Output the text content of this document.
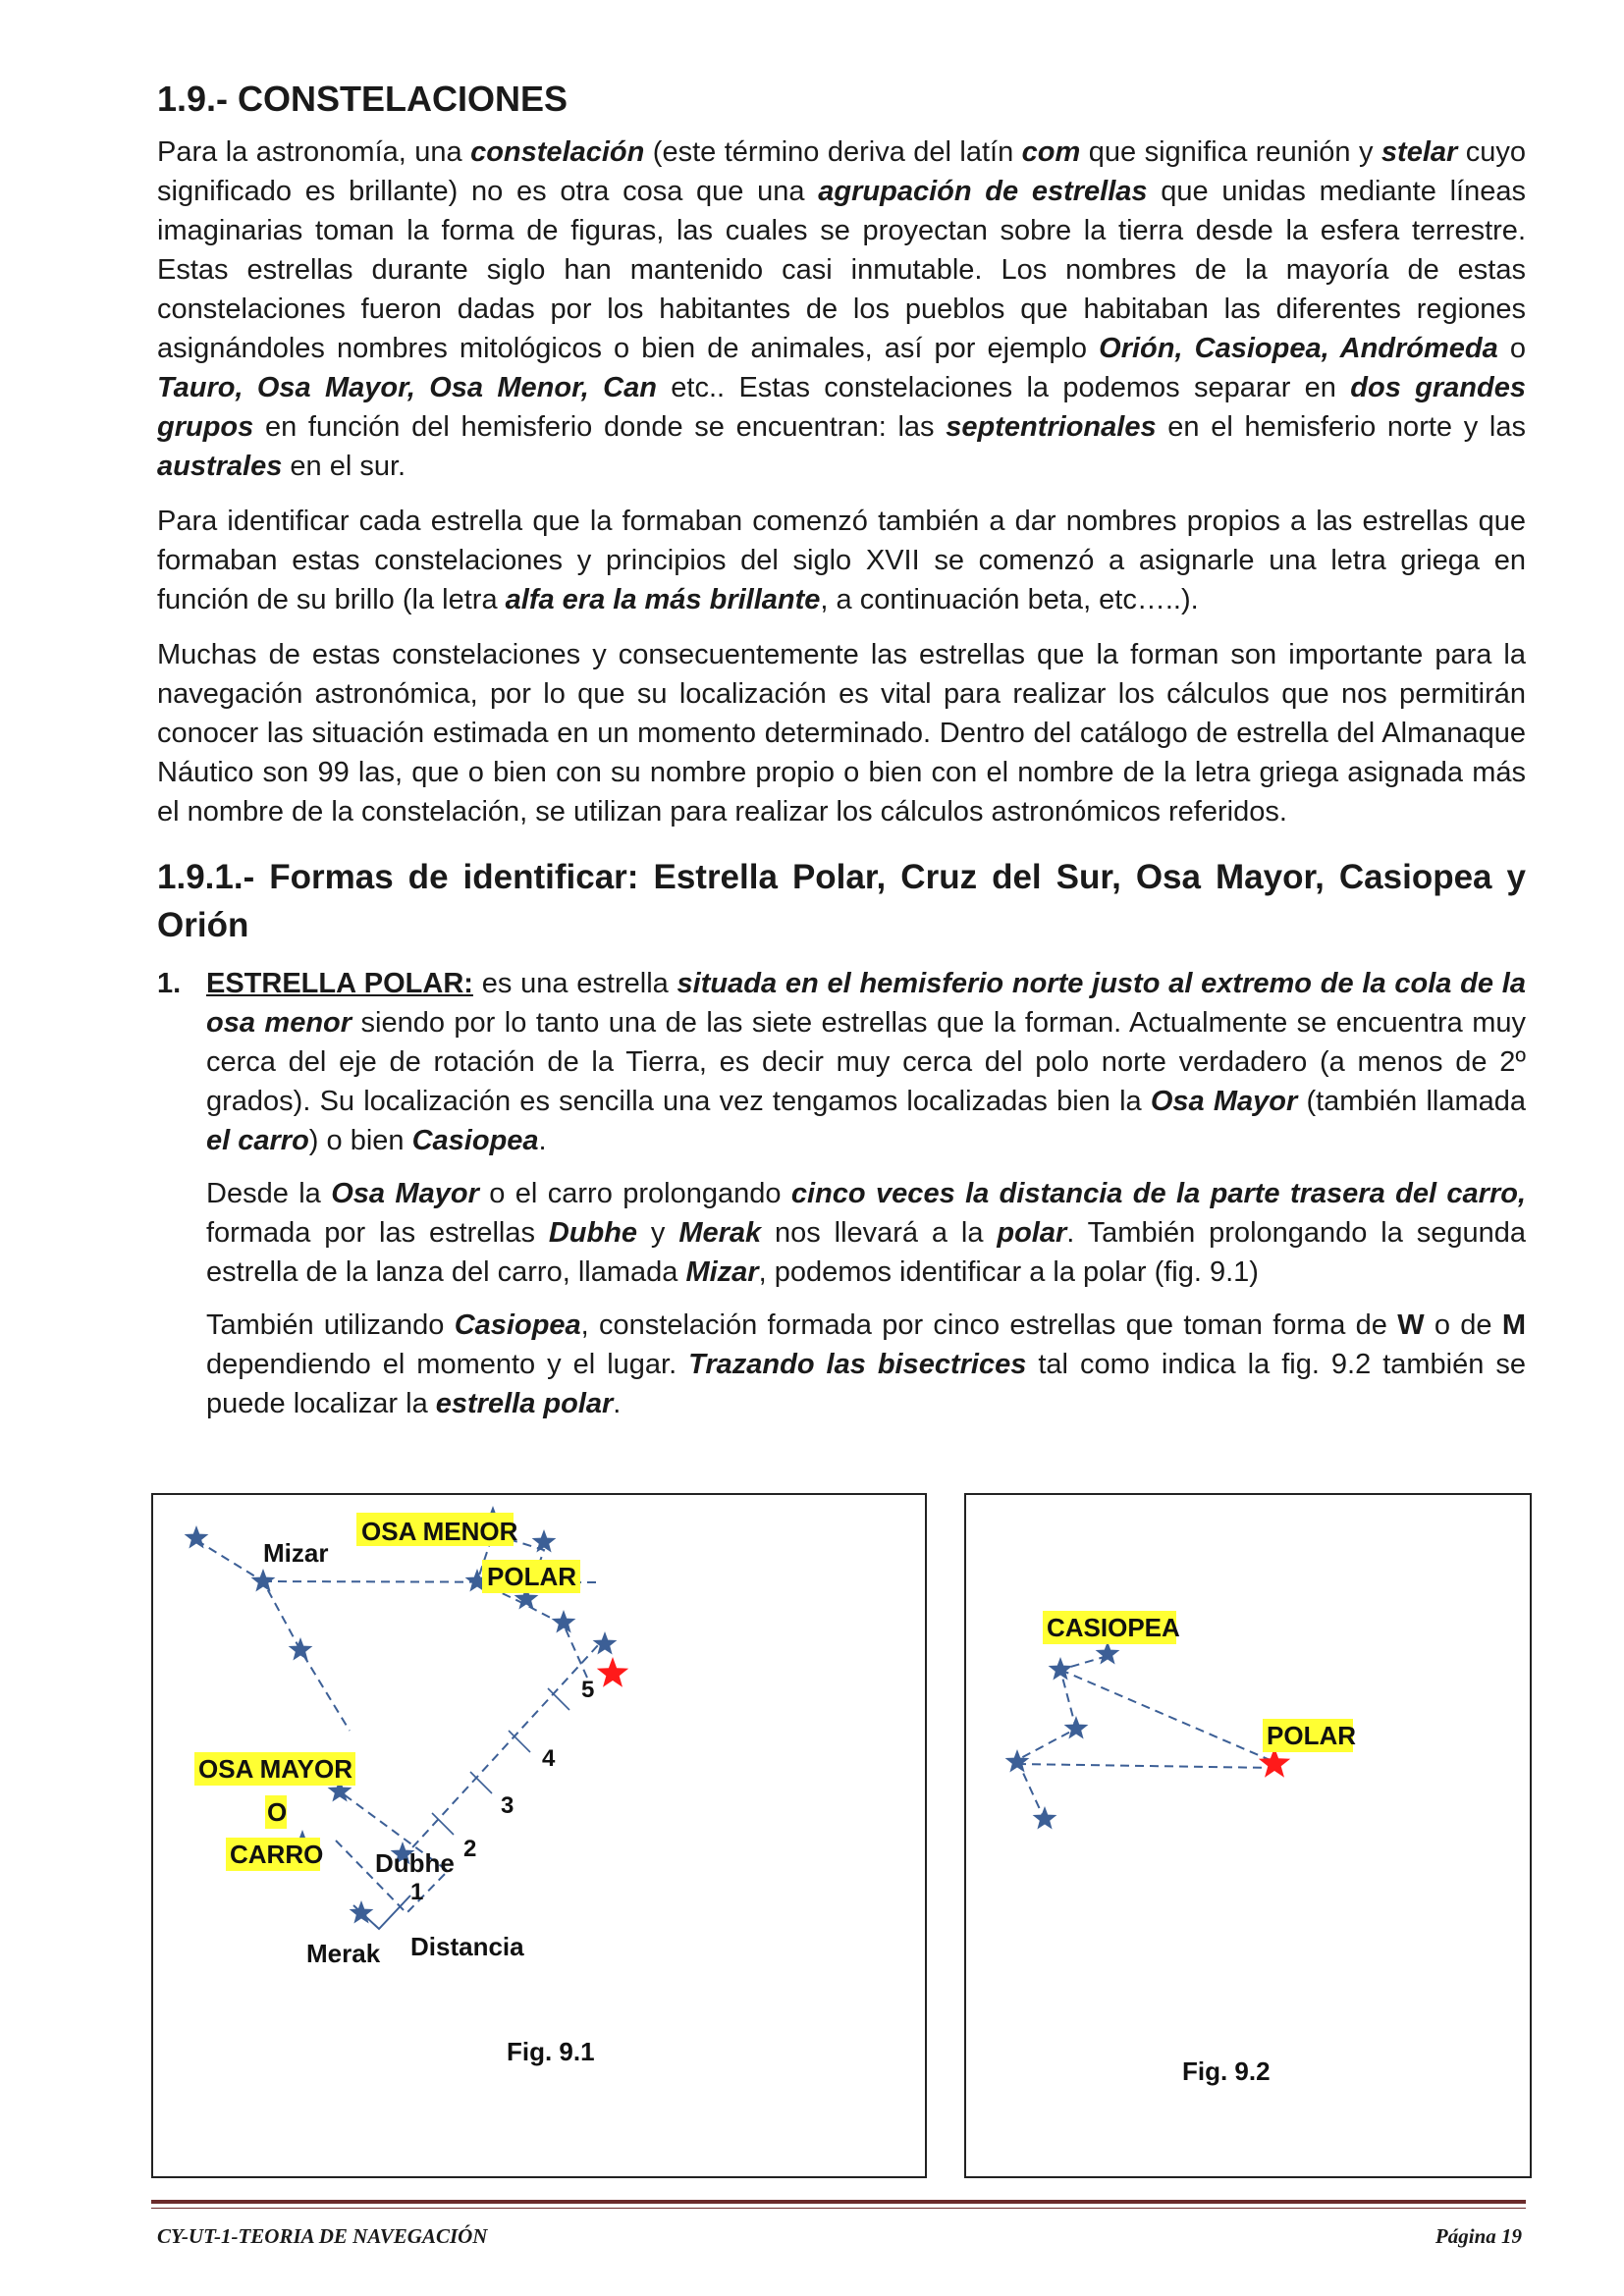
1.9.- CONSTELACIONES

Para la astronomía, una constelación (este término deriva del latín com que significa reunión y stelar cuyo significado es brillante) no es otra cosa que una agrupación de estrellas que unidas mediante líneas imaginarias toman la forma de figuras, las cuales se proyectan sobre la tierra desde la esfera terrestre. Estas estrellas durante siglo han mantenido casi inmutable. Los nombres de la mayoría de estas constelaciones fueron dadas por los habitantes de los pueblos que habitaban las diferentes regiones asignándoles nombres mitológicos o bien de animales, así por ejemplo Orión, Casiopea, Andrómeda o Tauro, Osa Mayor, Osa Menor, Can etc.. Estas constelaciones la podemos separar en dos grandes grupos en función del hemisferio donde se encuentran: las septentrionales en el hemisferio norte y las australes en el sur.

Para identificar cada estrella que la formaban comenzó también a dar nombres propios a las estrellas que formaban estas constelaciones y principios del siglo XVII se comenzó a asignarle una letra griega en función de su brillo (la letra alfa era la más brillante, a continuación beta, etc…..).

Muchas de estas constelaciones y consecuentemente las estrellas que la forman son importante para la navegación astronómica, por lo que su localización es vital para realizar los cálculos que nos permitirán conocer las situación estimada en un momento determinado. Dentro del catálogo de estrella del Almanaque Náutico son 99 las, que o bien con su nombre propio o bien con el nombre de la letra griega asignada más el nombre de la constelación, se utilizan para realizar los cálculos astronómicos referidos.

1.9.1.- Formas de identificar: Estrella Polar, Cruz del Sur, Osa Mayor, Casiopea y Orión
1. ESTRELLA POLAR: es una estrella situada en el hemisferio norte justo al extremo de la cola de la osa menor siendo por lo tanto una de las siete estrellas que la forman. Actualmente se encuentra muy cerca del eje de rotación de la Tierra, es decir muy cerca del polo norte verdadero (a menos de 2º grados). Su localización es sencilla una vez tengamos localizadas bien la Osa Mayor (también llamada el carro) o bien Casiopea.

Desde la Osa Mayor o el carro prolongando cinco veces la distancia de la parte trasera del carro, formada por las estrellas Dubhe y Merak nos llevará a la polar. También prolongando la segunda estrella de la lanza del carro, llamada Mizar, podemos identificar a la polar (fig. 9.1)

También utilizando Casiopea, constelación formada por cinco estrellas que toman forma de W o de M dependiendo el momento y el lugar. Trazando las bisectrices tal como indica la fig. 9.2 también se puede localizar la estrella polar.

OSA MENOR
Mizar
POLAR
OSA MAYOR
O
CARRO Dubhe
Merak Distancia
1
2
3
4
5
Fig. 9.1
CASIOPEA
POLAR
Fig. 9.2
CY-UT-1-TEORIA DE NAVEGACIÓN	Página 19
